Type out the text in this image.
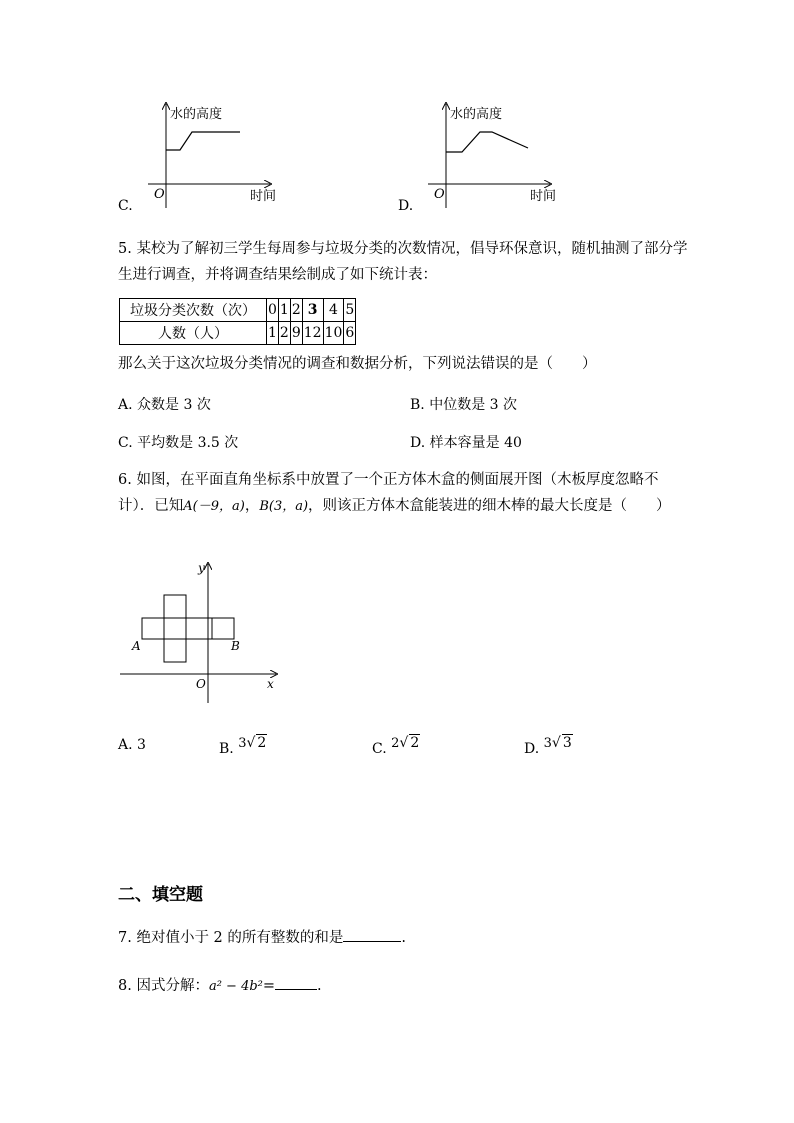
水的高度
O	时间
C.
水的高度
O	时间
D.
5. 某校为了解初三学生每周参与垃圾分类的次数情况，倡导环保意识，随机抽测了部分学生进行调查，并将调查结果绘制成了如下统计表：
垃圾分类次数（次）	0	1	2	3	4	5
人数（人）	1	2	9	12	10	6
那么关于这次垃圾分类情况的调查和数据分析，下列说法错误的是（　　）
A. 众数是 3 次	B. 中位数是 3 次
C. 平均数是 3.5 次	D. 样本容量是 40
6. 如图，在平面直角坐标系中放置了一个正方体木盒的侧面展开图（木板厚度忽略不计）．已知A(－9，a)，B(3，a)，则该正方体木盒能装进的细木棒的最大长度是（　　）
y
x
O
A	B
A. 3	B. 3√ 2	C. 2√ 2	D. 3√ 3
二、填空题
7. 绝对值小于 2 的所有整数的和是	.
8. 因式分解：a² − 4b²=	.
